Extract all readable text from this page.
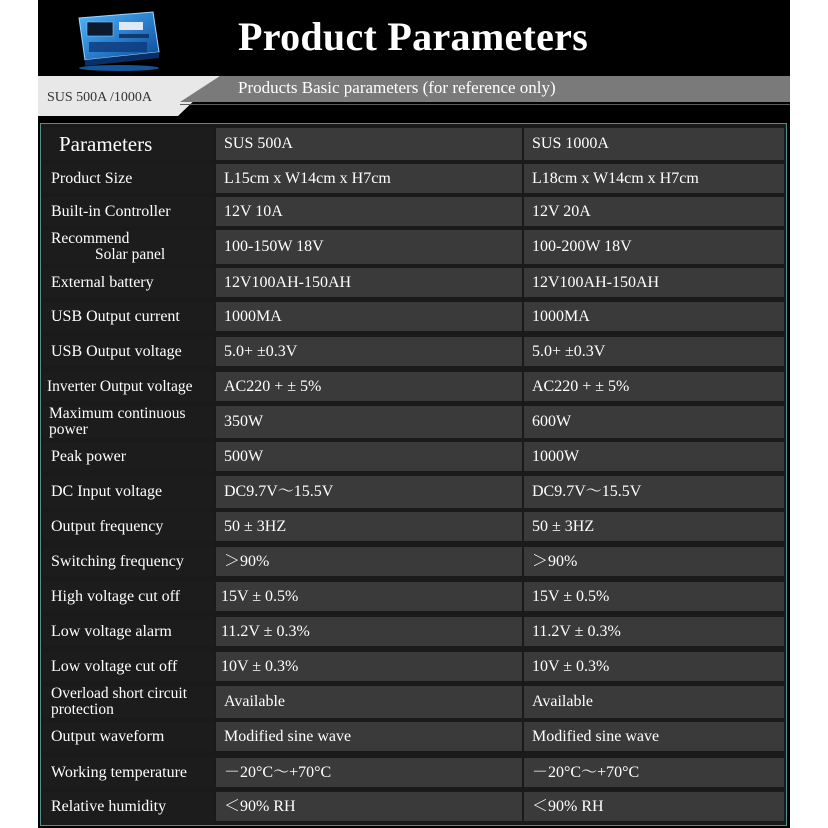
Product Parameters
SUS 500A /1000A
Products Basic parameters (for reference only)
Parameters	SUS 500A	SUS 1000A
Product Size	L15cm x W14cm x H7cm	L18cm x W14cm x H7cm
Built-in Controller	12V 10A	12V 20A
Recommend
Solar panel	100-150W 18V	100-200W 18V
External battery	12V100AH-150AH	12V100AH-150AH
USB Output current	1000MA	1000MA
USB Output voltage	5.0+ ±0.3V	5.0+ ±0.3V
Inverter Output voltage	AC220 + ± 5%	AC220 + ± 5%
Maximum continuous
power	350W	600W
Peak power	500W	1000W
DC Input voltage	DC9.7V～15.5V	DC9.7V～15.5V
Output frequency	50 ± 3HZ	50 ± 3HZ
Switching frequency	＞90%	＞90%
High voltage cut off	15V ± 0.5%	15V ± 0.5%
Low voltage alarm	11.2V ± 0.3%	11.2V ± 0.3%
Low voltage cut off	10V ± 0.3%	10V ± 0.3%
Overload short circuit
protection	Available	Available
Output waveform	Modified sine wave	Modified sine wave
Working temperature	－20°C～+70°C	－20°C～+70°C
Relative humidity	＜90% RH	＜90% RH
